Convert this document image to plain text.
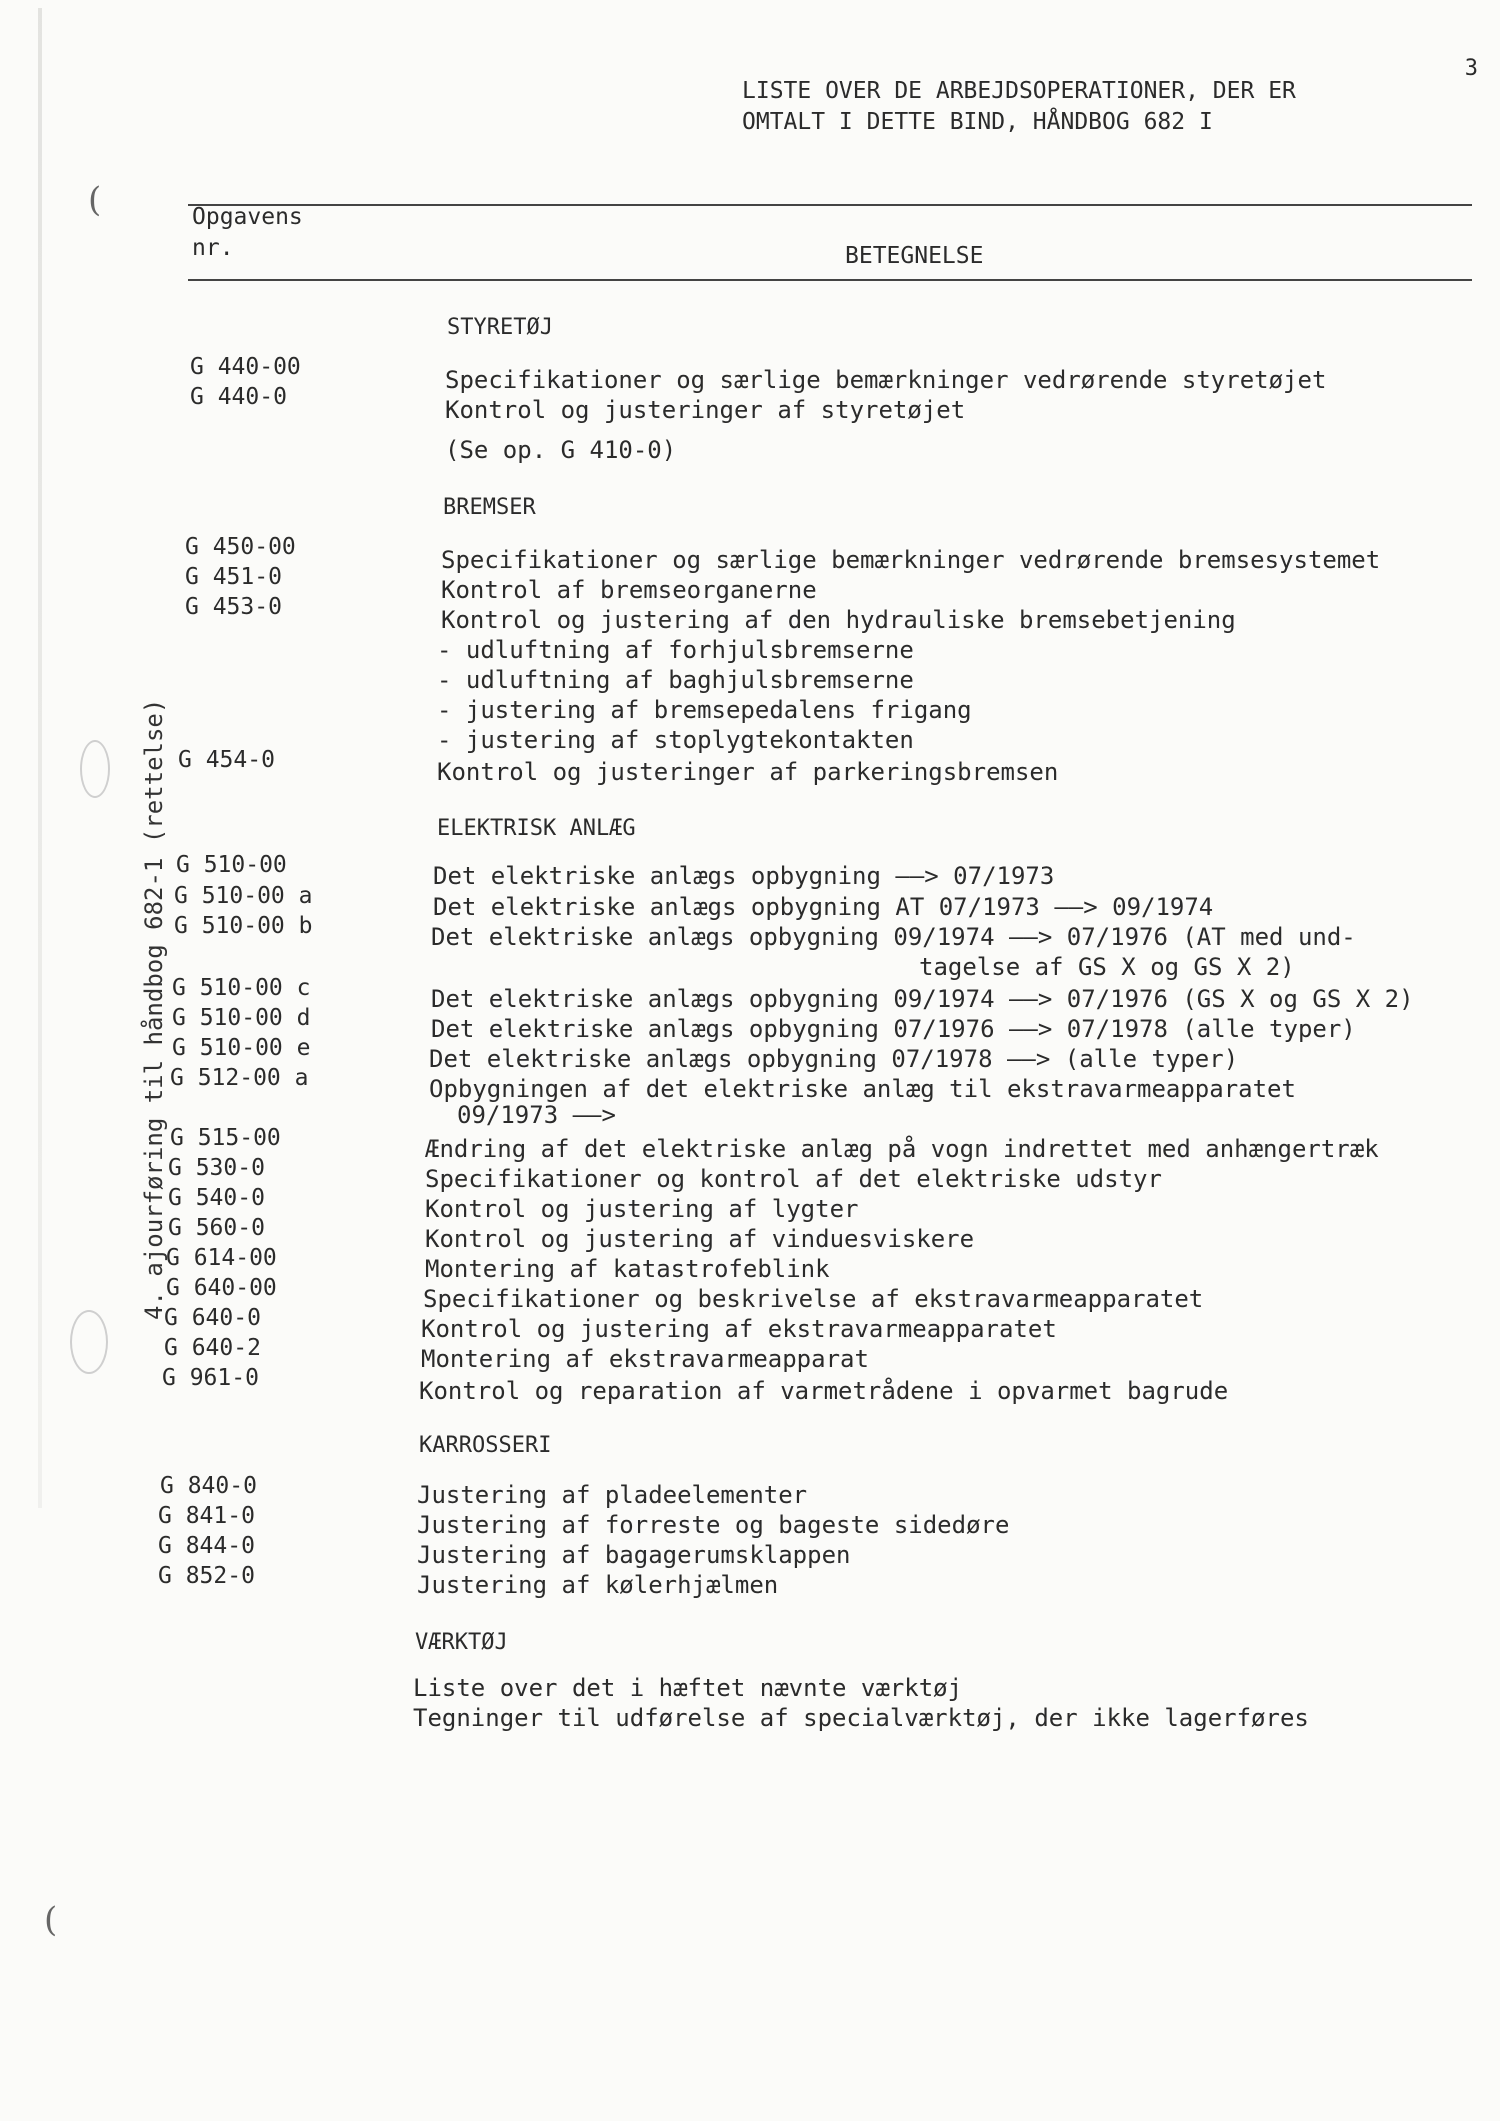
(
(
3
LISTE OVER DE ARBEJDSOPERATIONER, DER ER
OMTALT I DETTE BIND, HÅNDBOG 682 I
Opgavens
nr.	BETEGNELSE
4. ajourføring til håndbog 682-1 (rettelse)
STYRETØJ
G 440-00
G 440-0
Specifikationer og særlige bemærkninger vedrørende styretøjet
Kontrol og justeringer af styretøjet
(Se op. G 410-0)
BREMSER
G 450-00
G 451-0
G 453-0
G 454-0
Specifikationer og særlige bemærkninger vedrørende bremsesystemet
Kontrol af bremseorganerne
Kontrol og justering af den hydrauliske bremsebetjening
- udluftning af forhjulsbremserne
- udluftning af baghjulsbremserne
- justering af bremsepedalens frigang
- justering af stoplygtekontakten
Kontrol og justeringer af parkeringsbremsen
ELEKTRISK ANLÆG
G 510-00
G 510-00 a
G 510-00 b
G 510-00 c
G 510-00 d
G 510-00 e
G 512-00 a
G 515-00
G 530-0
G 540-0
G 560-0
G 614-00
G 640-00
G 640-0
G 640-2
G 961-0
Det elektriske anlægs opbygning ——> 07/1973
Det elektriske anlægs opbygning AT 07/1973 ——> 09/1974
Det elektriske anlægs opbygning 09/1974 ——> 07/1976 (AT med und-
tagelse af GS X og GS X 2)
Det elektriske anlægs opbygning 09/1974 ——> 07/1976 (GS X og GS X 2)
Det elektriske anlægs opbygning 07/1976 ——> 07/1978 (alle typer)
Det elektriske anlægs opbygning 07/1978 ——> (alle typer)
Opbygningen af det elektriske anlæg til ekstravarmeapparatet
09/1973 ——>
Ændring af det elektriske anlæg på vogn indrettet med anhængertræk
Specifikationer og kontrol af det elektriske udstyr
Kontrol og justering af lygter
Kontrol og justering af vinduesviskere
Montering af katastrofeblink
Specifikationer og beskrivelse af ekstravarmeapparatet
Kontrol og justering af ekstravarmeapparatet
Montering af ekstravarmeapparat
Kontrol og reparation af varmetrådene i opvarmet bagrude
KARROSSERI
G 840-0
G 841-0
G 844-0
G 852-0
Justering af pladeelementer
Justering af forreste og bageste sidedøre
Justering af bagagerumsklappen
Justering af kølerhjælmen
VÆRKTØJ
Liste over det i hæftet nævnte værktøj
Tegninger til udførelse af specialværktøj, der ikke lagerføres
